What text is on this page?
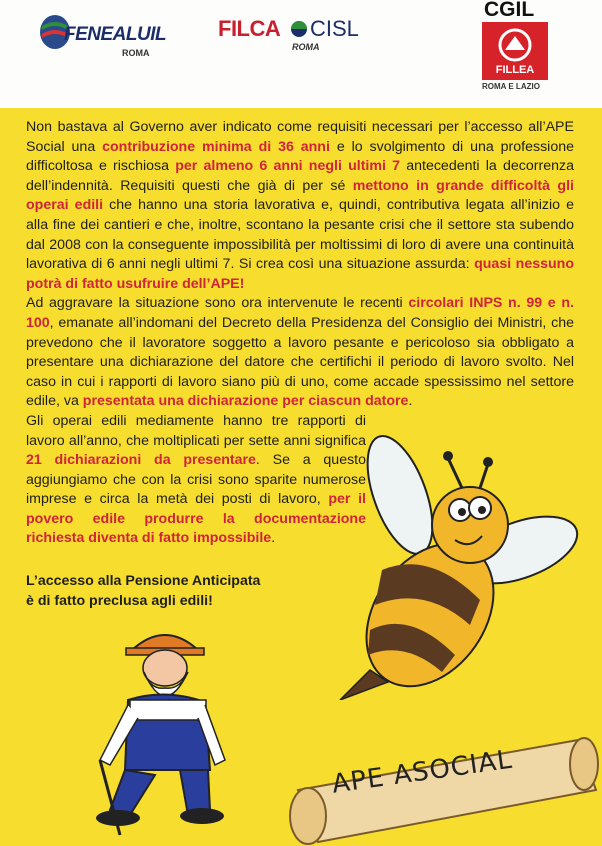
FENEALUIL
ROMA
FILCA CISL
ROMA
CGIL
FILLEA
ROMA E LAZIO

Non bastava al Governo aver indicato come requisiti necessari per l’accesso all’APE Social una contribuzione minima di 36 anni e lo svolgimento di una professione difficoltosa e rischiosa per almeno 6 anni negli ultimi 7 antecedenti la decorrenza dell’indennità. Requisiti questi che già di per sé mettono in grande difficoltà gli operai edili che hanno una storia lavorativa e, quindi, contributiva legata all’inizio e alla fine dei cantieri e che, inoltre, scontano la pesante crisi che il settore sta subendo dal 2008 con la conseguente impossibilità per moltissimi di loro di avere una continuità lavorativa di 6 anni negli ultimi 7. Si crea così una situazione assurda: quasi nessuno potrà di fatto usufruire dell’APE!

Ad aggravare la situazione sono ora intervenute le recenti circolari INPS n. 99 e n. 100, emanate all’indomani del Decreto della Presidenza del Consiglio dei Ministri, che prevedono che il lavoratore soggetto a lavoro pesante e pericoloso sia obbligato a presentare una dichiarazione del datore che certifichi il periodo di lavoro svolto. Nel caso in cui i rapporti di lavoro siano più di uno, come accade spessissimo nel settore edile, va presentata una dichiarazione per ciascun datore.

Gli operai edili mediamente hanno tre rapporti di lavoro all’anno, che moltiplicati per sette anni significa 21 dichiarazioni da presentare. Se a questo aggiungiamo che con la crisi sono sparite numerose imprese e circa la metà dei posti di lavoro, per il povero edile produrre la documentazione richiesta diventa di fatto impossibile.

L’accesso alla Pensione Anticipata
è di fatto preclusa agli edili!
APE ASOCIAL
